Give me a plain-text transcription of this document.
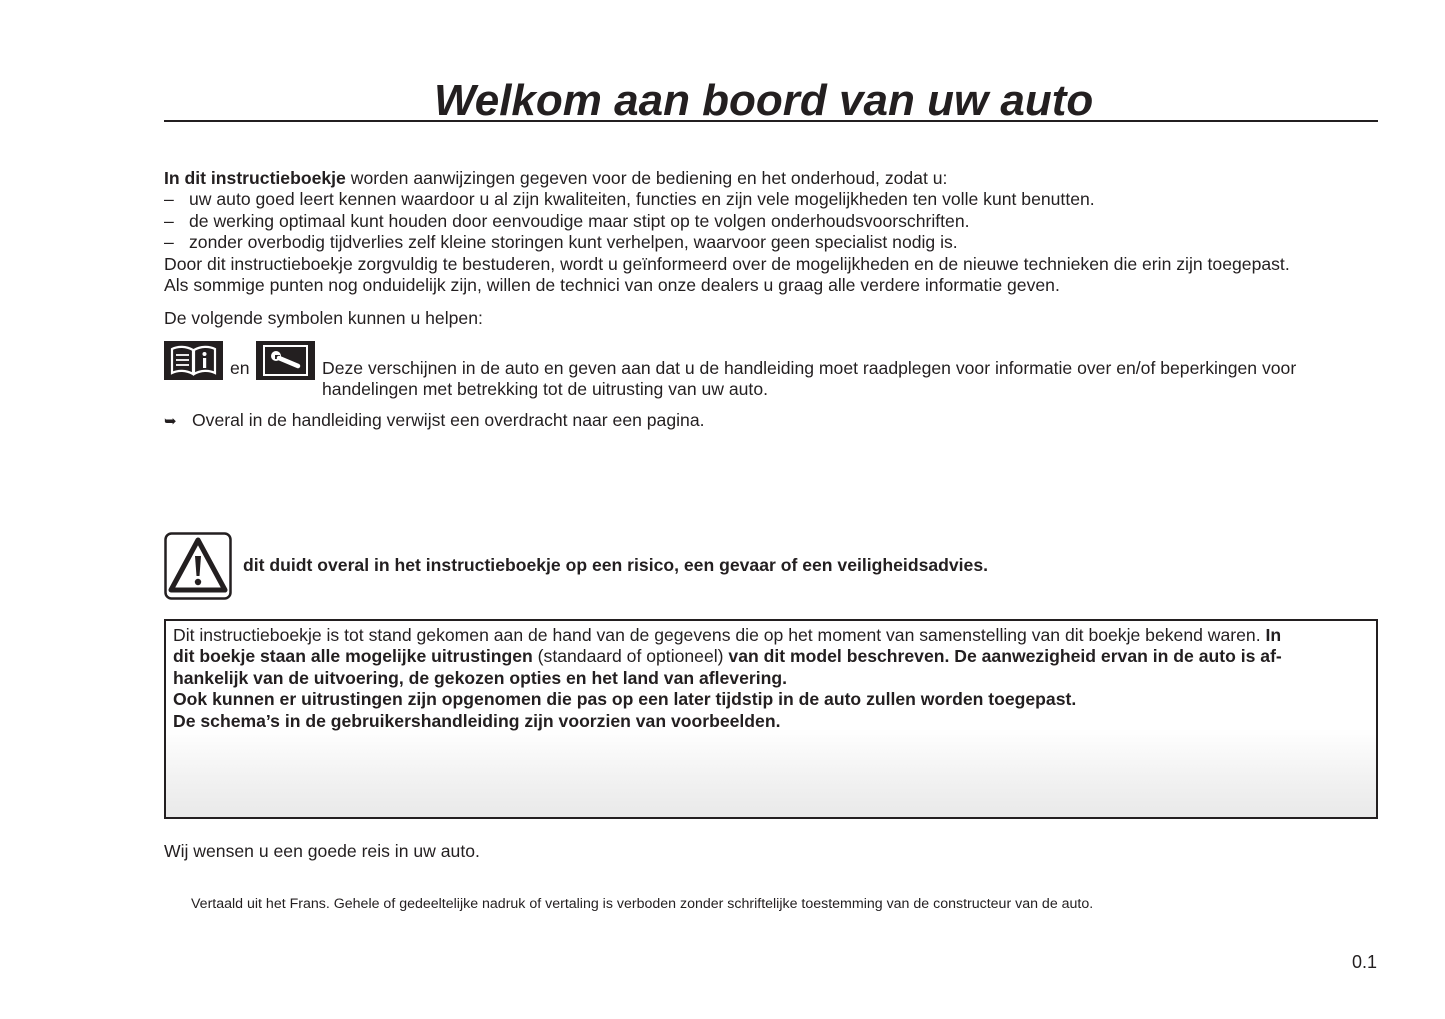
Welkom aan boord van uw auto

In dit instructieboekje worden aanwijzingen gegeven voor de bediening en het onderhoud, zodat u:

– uw auto goed leert kennen waardoor u al zijn kwaliteiten, functies en zijn vele mogelijkheden ten volle kunt benutten.

– de werking optimaal kunt houden door eenvoudige maar stipt op te volgen onderhoudsvoorschriften.

– zonder overbodig tijdverlies zelf kleine storingen kunt verhelpen, waarvoor geen specialist nodig is.

Door dit instructieboekje zorgvuldig te bestuderen, wordt u geïnformeerd over de mogelijkheden en de nieuwe technieken die erin zijn toegepast.

Als sommige punten nog onduidelijk zijn, willen de technici van onze dealers u graag alle verdere informatie geven.

De volgende symbolen kunnen u helpen:
en	Deze verschijnen in de auto en geven aan dat u de handleiding moet raadplegen voor informatie over en/of beperkingen voor
handelingen met betrekking tot de uitrusting van uw auto.
➥ Overal in de handleiding verwijst een overdracht naar een pagina.
dit duidt overal in het instructieboekje op een risico, een gevaar of een veiligheidsadvies.

Dit instructieboekje is tot stand gekomen aan de hand van de gegevens die op het moment van samenstelling van dit boekje bekend waren. In

dit boekje staan alle mogelijke uitrustingen (standaard of optioneel) van dit model beschreven. De aanwezigheid ervan in de auto is af-

hankelijk van de uitvoering, de gekozen opties en het land van aflevering.

Ook kunnen er uitrustingen zijn opgenomen die pas op een later tijdstip in de auto zullen worden toegepast.

De schema’s in de gebruikershandleiding zijn voorzien van voorbeelden.

Wij wensen u een goede reis in uw auto.
Vertaald uit het Frans. Gehele of gedeeltelijke nadruk of vertaling is verboden zonder schriftelijke toestemming van de constructeur van de auto.
0.1
